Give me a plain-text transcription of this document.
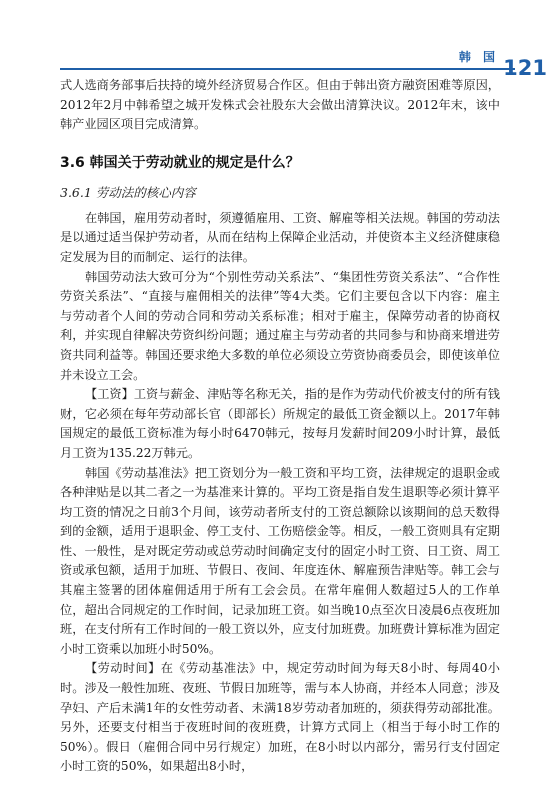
韩 国 121

式人选商务部事后扶持的境外经济贸易合作区。但由于韩出资方融资困难等原因，2012年2月中韩希望之城开发株式会社股东大会做出清算決议。2012年末，该中韩产业园区项目完成清算。

3.6 韩国关于劳动就业的规定是什么？
3.6.1 劳动法的核心内容

在韩国，雇用劳动者时，须遵循雇用、工资、解雇等相关法规。韩国的劳动法是以通过适当保护劳动者，从而在结构上保障企业活动，并使资本主义经济健康稳定发展为目的而制定、运行的法律。

韩国劳动法大致可分为“个别性劳动关系法”、“集团性劳资关系法”、“合作性劳资关系法”、“直接与雇佣相关的法律”等4大类。它们主要包含以下内容：雇主与劳动者个人间的劳动合同和劳动关系标准；相对于雇主，保障劳动者的协商权利，并实现自律解决劳资纠纷问题；通过雇主与劳动者的共同参与和协商来增进劳资共同利益等。韩国还要求绝大多数的单位必须设立劳资协商委员会，即使该单位并未设立工会。

【工资】工资与薪金、津贴等名称无关，指的是作为劳动代价被支付的所有钱财，它必须在每年劳动部长官（即部长）所规定的最低工资金额以上。2017年韩国规定的最低工资标准为每小时6470韩元，按每月发薪时间209小时计算，最低月工资为135.22万韩元。

韩国《劳动基准法》把工资划分为一般工资和平均工资，法律规定的退职金或各种津贴是以其二者之一为基准来计算的。平均工资是指自发生退职等必须计算平均工资的情况之日前3个月间，该劳动者所支付的工资总额除以该期间的总天数得到的金额，适用于退职金、停工支付、工伤赔偿金等。相反，一般工资则具有定期性、一般性，是对既定劳动或总劳动时间确定支付的固定小时工资、日工资、周工资或承包额，适用于加班、节假日、夜间、年度连休、解雇预告津贴等。韩工会与其雇主签署的团体雇佣适用于所有工会会员。在常年雇佣人数超过5人的工作单位，超出合同规定的工作时间，记录加班工资。如当晚10点至次日凌晨6点夜班加班，在支付所有工作时间的一般工资以外，应支付加班费。加班费计算标准为固定小时工资乘以加班小时50%。

【劳动时间】在《劳动基准法》中，规定劳动时间为每天8小时、每周40小时。涉及一般性加班、夜班、节假日加班等，需与本人协商，并经本人同意；涉及孕妇、产后未满1年的女性劳动者、未满18岁劳动者加班的，须获得劳动部批准。另外，还要支付相当于夜班时间的夜班费，计算方式同上（相当于每小时工作的50%）。假日（雇佣合同中另行规定）加班，在8小时以内部分，需另行支付固定小时工资的50%，如果超出8小时，
